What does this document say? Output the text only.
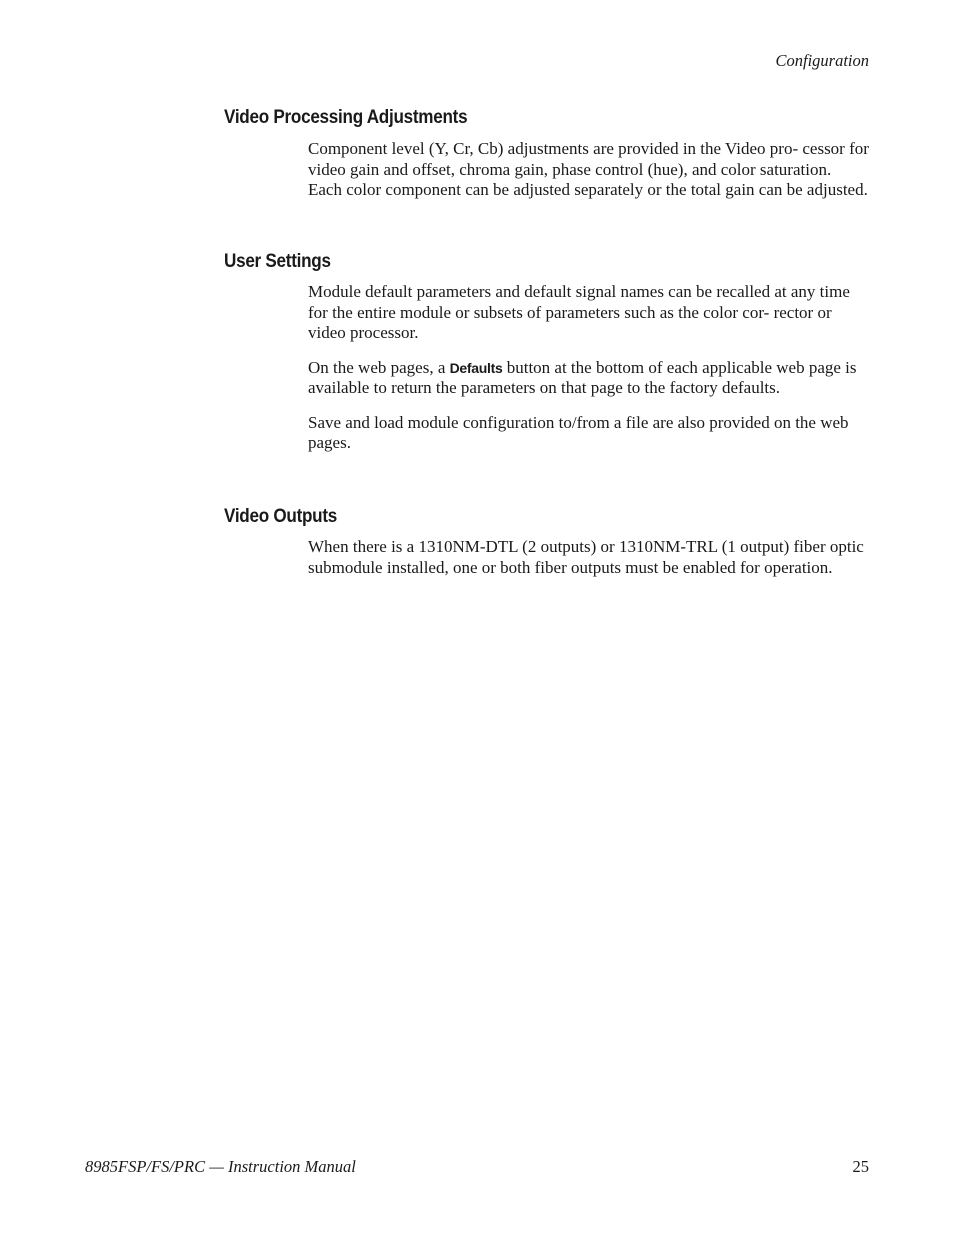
Configuration
Video Processing Adjustments

Component level (Y, Cr, Cb) adjustments are provided in the Video pro- cessor for video gain and offset, chroma gain, phase control (hue), and color saturation. Each color component can be adjusted separately or the total gain can be adjusted.

User Settings

Module default parameters and default signal names can be recalled at any time for the entire module or subsets of parameters such as the color cor- rector or video processor.

On the web pages, a Defaults button at the bottom of each applicable web page is available to return the parameters on that page to the factory defaults.

Save and load module configuration to/from a file are also provided on the web pages.

Video Outputs

When there is a 1310NM-DTL (2 outputs) or 1310NM-TRL (1 output) fiber optic submodule installed, one or both fiber outputs must be enabled for operation.

8985FSP/FS/PRC — Instruction Manual	25
